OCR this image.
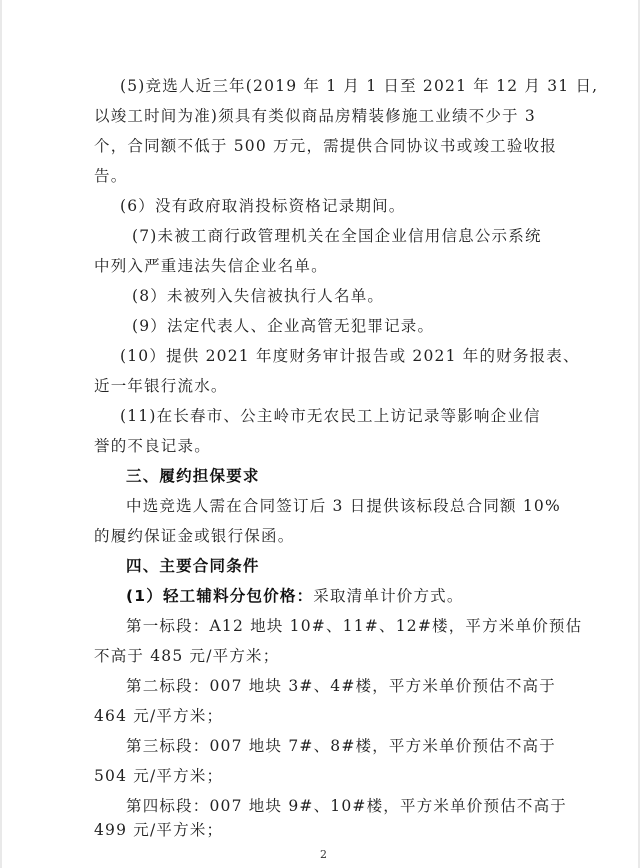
(5)竞选人近三年(2019 年 1 月 1 日至 2021 年 12 月 31 日,
以竣工时间为准)须具有类似商品房精装修施工业绩不少于 3
个，合同额不低于 500 万元，需提供合同协议书或竣工验收报
告。
(6）没有政府取消投标资格记录期间。
(7)未被工商行政管理机关在全国企业信用信息公示系统
中列入严重违法失信企业名单。
(8）未被列入失信被执行人名单。
(9）法定代表人、企业高管无犯罪记录。
(10）提供 2021 年度财务审计报告或 2021 年的财务报表、
近一年银行流水。
(11)在长春市、公主岭市无农民工上访记录等影响企业信
誉的不良记录。
三、履约担保要求
中选竞选人需在合同签订后 3 日提供该标段总合同额 10%
的履约保证金或银行保函。
四、主要合同条件
(1）轻工辅料分包价格：采取清单计价方式。
第一标段：A12 地块 10#、11#、12#楼，平方米单价预估
不高于 485 元/平方米；
第二标段：007 地块 3#、4#楼，平方米单价预估不高于
464 元/平方米；
第三标段：007 地块 7#、8#楼，平方米单价预估不高于
504 元/平方米；
第四标段：007 地块 9#、10#楼，平方米单价预估不高于
2
499 元/平方米；
